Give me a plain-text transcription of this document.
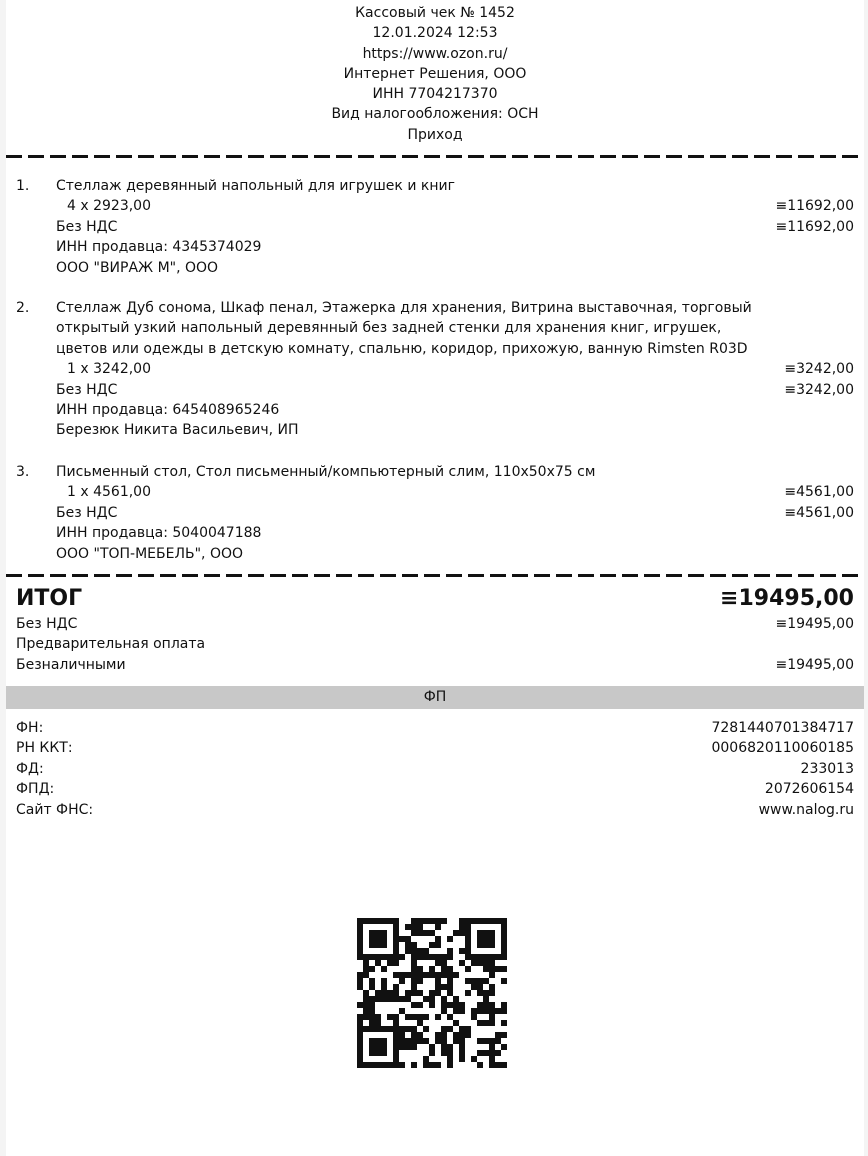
Кассовый чек № 1452
12.01.2024 12:53
https://www.ozon.ru/
Интернет Решения, ООО
ИНН 7704217370
Вид налогообложения: ОСН
Приход
1. Стеллаж деревянный напольный для игрушек и книг
4 x 2923,00	≡11692,00
Без НДС	≡11692,00
ИНН продавца: 4345374029
ООО "ВИРАЖ М", ООО
2. Стеллаж Дуб сонома, Шкаф пенал, Этажерка для хранения, Витрина выставочная, торговый
открытый узкий напольный деревянный без задней стенки для хранения книг, игрушек,
цветов или одежды в детскую комнату, спальню, коридор, прихожую, ванную Rimsten R03D
1 x 3242,00	≡3242,00
Без НДС	≡3242,00
ИНН продавца: 645408965246
Березюк Никита Васильевич, ИП
3. Письменный стол, Стол письменный/компьютерный слим, 110x50x75 см
1 x 4561,00	≡4561,00
Без НДС	≡4561,00
ИНН продавца: 5040047188
ООО "ТОП-МЕБЕЛЬ", ООО
ИТОГ	≡19495,00
Без НДС	≡19495,00
Предварительная оплата
Безналичными	≡19495,00
ФП
ФН:	7281440701384717
РН ККТ:	0006820110060185
ФД:	233013
ФПД:	2072606154
Сайт ФНС:	www.nalog.ru
